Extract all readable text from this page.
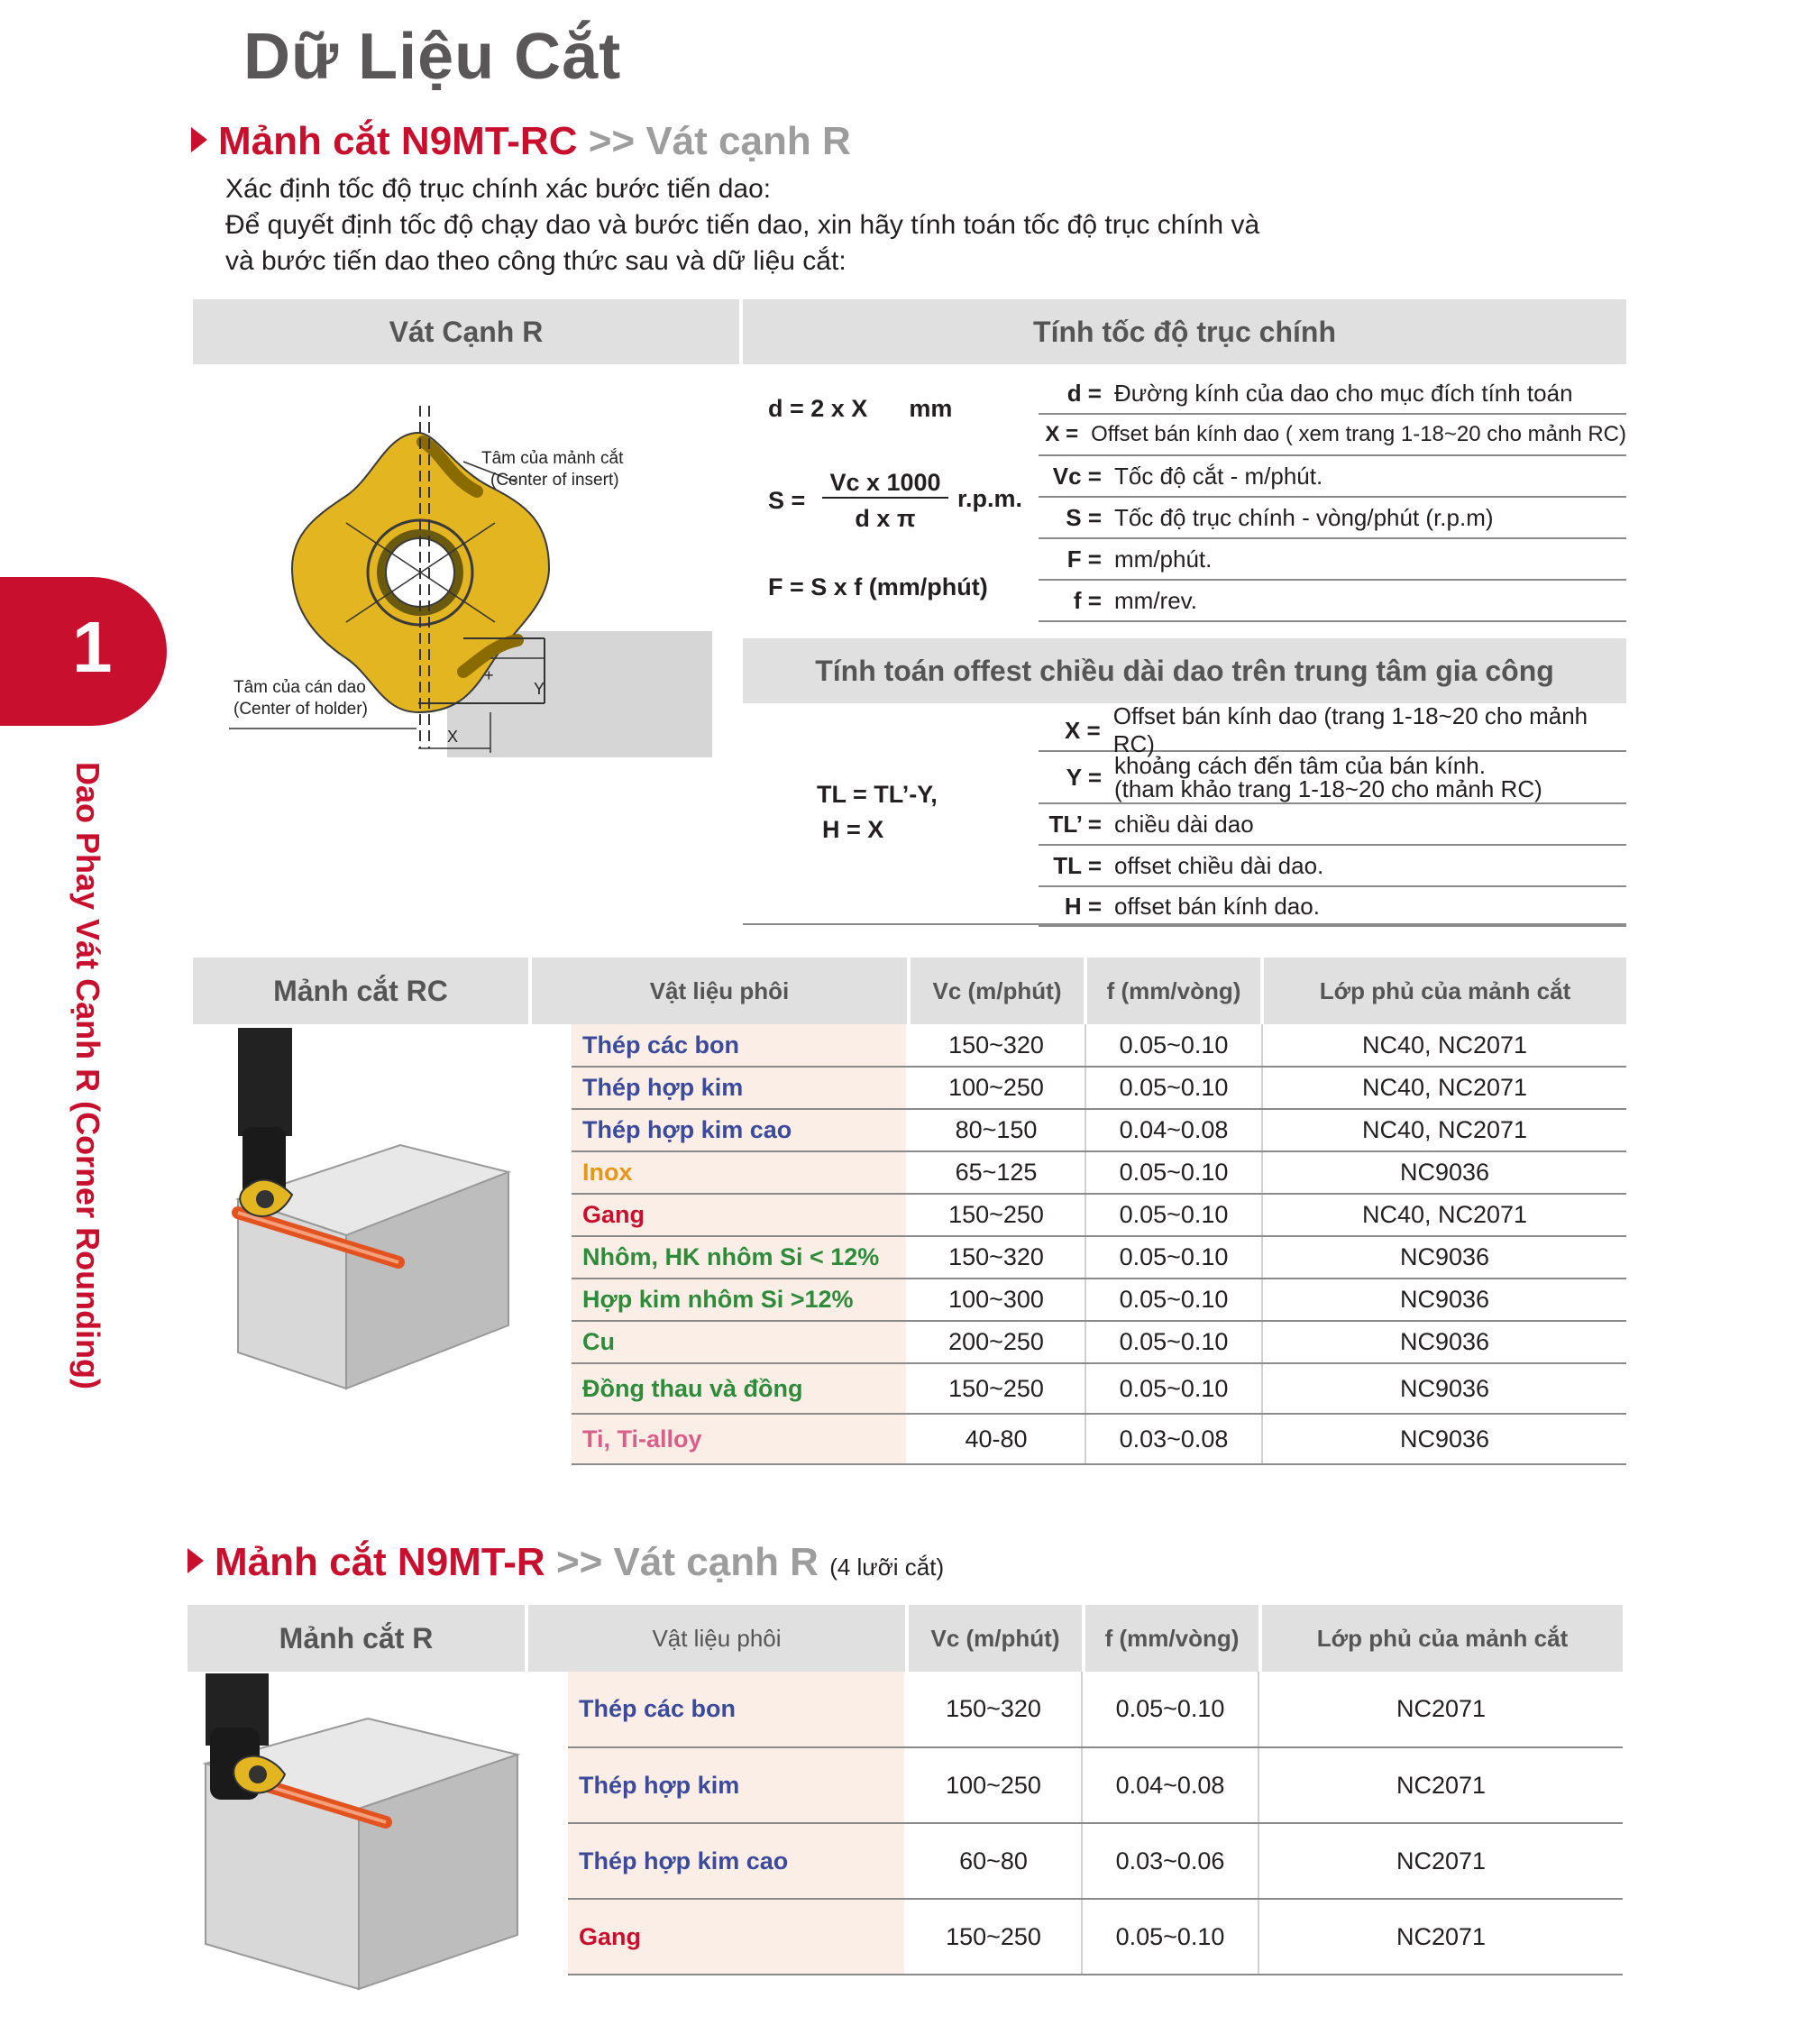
Dữ Liệu Cắt
1
Dao Phay Vát Cạnh R (Corner Rounding)
Mảnh cắt N9MT-RC >> Vát cạnh R
Xác định tốc độ trục chính xác bước tiến dao:
Để quyết định tốc độ chạy dao và bước tiến dao, xin hãy tính toán tốc độ trục chính và
và bước tiến dao theo công thức sau và dữ liệu cắt:
Vát Cạnh R	Tính tốc độ trục chính
Tâm của mảnh cắt
(Center of insert)
Tâm của cán dao
(Center of holder)
+
Y
X
d = 2 x X mm
S =
Vc x 1000
d x π
r.p.m.
F = S x f (mm/phút)
d = Đường kính của dao cho mục đích tính toán
X = Offset bán kính dao ( xem trang 1-18~20 cho mảnh RC)
Vc = Tốc độ cắt - m/phút.
S = Tốc độ trục chính - vòng/phút (r.p.m)
F = mm/phút.
f = mm/rev.
Tính toán offest chiều dài dao trên trung tâm gia công
TL = TL’-Y,
H = X
X =
Offset bán kính dao (trang 1-18~20 cho mảnh RC)
Y = khoảng cách đến tâm của bán kính.
(tham khảo trang 1-18~20 cho mảnh RC)
TL’ = chiều dài dao
TL = offset chiều dài dao.
H = offset bán kính dao.
Mảnh cắt RC	Vật liệu phôi	Vc (m/phút)	f (mm/vòng)	Lớp phủ của mảnh cắt
Thép các bon	150~320	0.05~0.10	NC40, NC2071
Thép hợp kim	100~250	0.05~0.10	NC40, NC2071
Thép hợp kim cao	80~150	0.04~0.08	NC40, NC2071
Inox	65~125	0.05~0.10	NC9036
Gang	150~250	0.05~0.10	NC40, NC2071
Nhôm, HK nhôm Si < 12%	150~320	0.05~0.10	NC9036
Hợp kim nhôm Si >12%	100~300	0.05~0.10	NC9036
Cu	200~250	0.05~0.10	NC9036
Đồng thau và đồng	150~250	0.05~0.10	NC9036
Ti, Ti-alloy	40-80	0.03~0.08	NC9036
Mảnh cắt N9MT-R >> Vát cạnh R (4 lưỡi cắt)
Mảnh cắt R	Vật liệu phôi	Vc (m/phút)	f (mm/vòng)	Lớp phủ của mảnh cắt
Thép các bon	150~320	0.05~0.10	NC2071
Thép hợp kim	100~250	0.04~0.08	NC2071
Thép hợp kim cao	60~80	0.03~0.06	NC2071
Gang	150~250	0.05~0.10	NC2071
